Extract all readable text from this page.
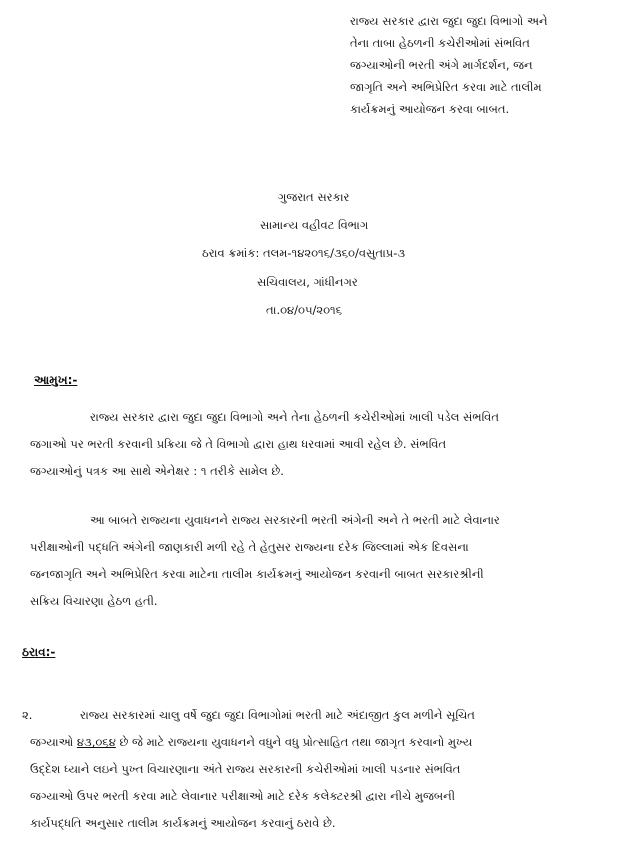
રાજ્ય સરકાર દ્વારા જુદા જુદા વિભાગો અને
તેના તાબા હેઠળની કચેરીઓમાં સંભવિત
જગ્યાઓની ભરતી અંગે માર્ગદર્શન, જન
જાગૃતિ અને અભિપ્રેરિત કરવા માટે તાલીમ
કાર્યક્રમનું આયોજન કરવા બાબત.
ગુજરાત સરકાર
સામાન્ય વહીવટ વિભાગ
ઠરાવ ક્રમાંક: તલમ-૧૪૨૦૧૬/૩૬૦/વસુતાપ્ર-૩
સચિવાલય, ગાંધીનગર
તા.૦૪/૦૫/૨૦૧૬
આમુખ:-
રાજ્ય સરકાર દ્વારા જુદા જુદા વિભાગો અને તેના હેઠળની કચેરીઓમાં ખાલી પડેલ સંભવિત
જગાઓ પર ભરતી કરવાની પ્રક્રિયા જે તે વિભાગો દ્વારા હાથ ધરવામાં આવી રહેલ છે. સંભવિત
જગ્યાઓનું પત્રક આ સાથે એનેક્ષર : ૧ તરીકે સામેલ છે.
આ બાબતે રાજ્યના યુવાધનને રાજ્ય સરકારની ભરતી અંગેની અને તે ભરતી માટે લેવાનાર
પરીક્ષાઓની પદ્ધતિ અંગેની જાણકારી મળી રહે તે હેતુસર રાજ્યના દરેક જિલ્લામાં એક દિવસના
જનજાગૃતિ અને અભિપ્રેરિત કરવા માટેના તાલીમ કાર્યક્રમનું આયોજન કરવાની બાબત સરકારશ્રીની
સક્રિય વિચારણા હેઠળ હતી.
ઠરાવ:-
૨.	રાજ્ય સરકારમાં ચાલુ વર્ષે જુદા જુદા વિભાગોમાં ભરતી માટે અંદાજીત કુલ મળીને સૂચિત
જગ્યાઓ ૪૩,૦૬૪ છે જે માટે રાજ્યના યુવાધનને વધુને વધુ પ્રોત્સાહિત તથા જાગૃત કરવાનો મુખ્ય
ઉદ્દેશ ધ્યાને લઇને પુખ્ત વિચારણાના અંતે રાજ્ય સરકારની કચેરીઓમાં ખાલી પડનાર સંભવિત
જગ્યાઓ ઉપર ભરતી કરવા માટે લેવાનાર પરીક્ષાઓ માટે દરેક કલેક્ટરશ્રી દ્વારા નીચે મુજબની
કાર્યપદ્ધતિ અનુસાર તાલીમ કાર્યક્રમનું આયોજન કરવાનું ઠરાવે છે.
